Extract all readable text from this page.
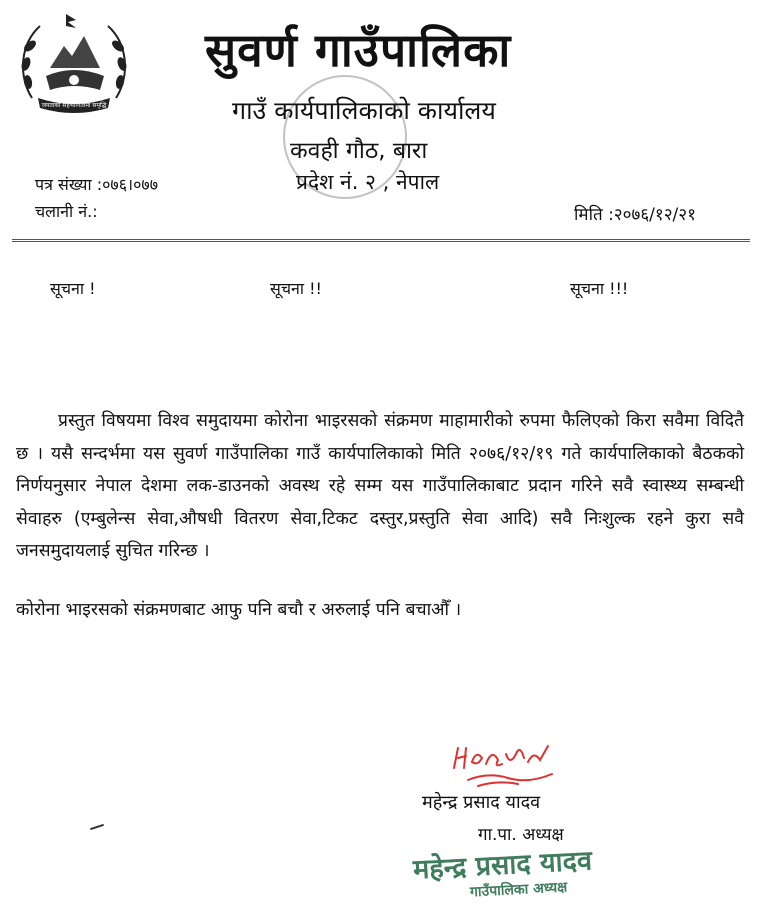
जनताको सहभागितामा समृद्धि
सुवर्ण गाउँपालिका
गाउँ कार्यपालिकाको कार्यालय
कवही गौठ, बारा
प्रदेश नं. २ , नेपाल
पत्र संख्या :०७६।०७७
चलानी नं.:	मिति :२०७६/१२/२१
सूचना !	सूचना !!	सूचना !!!

प्रस्तुत विषयमा विश्व समुदायमा कोरोना भाइरसको संक्रमण माहामारीको रुपमा फैलिएको किरा सवैमा विदितै छ । यसै सन्दर्भमा यस सुवर्ण गाउँपालिका गाउँ कार्यपालिकाको मिति २०७६/१२/१९ गते कार्यपालिकाको बैठकको निर्णयनुसार नेपाल देशमा लक-डाउनको अवस्थ रहे सम्म यस गाउँपालिकाबाट प्रदान गरिने सवै स्वास्थ्य सम्बन्धी सेवाहरु (एम्बुलेन्स सेवा,औषधी वितरण सेवा,टिकट दस्तुर,प्रस्तुति सेवा आदि) सवै निःशुल्क रहने कुरा सवै जनसमुदायलाई सुचित गरिन्छ ।

कोरोना भाइरसको संक्रमणबाट आफु पनि बचौ र अरुलाई पनि बचाऔँ ।
महेन्द्र प्रसाद यादव
गा.पा. अध्यक्ष
महेन्द्र प्रसाद यादव
गाउँपालिका अध्यक्ष
